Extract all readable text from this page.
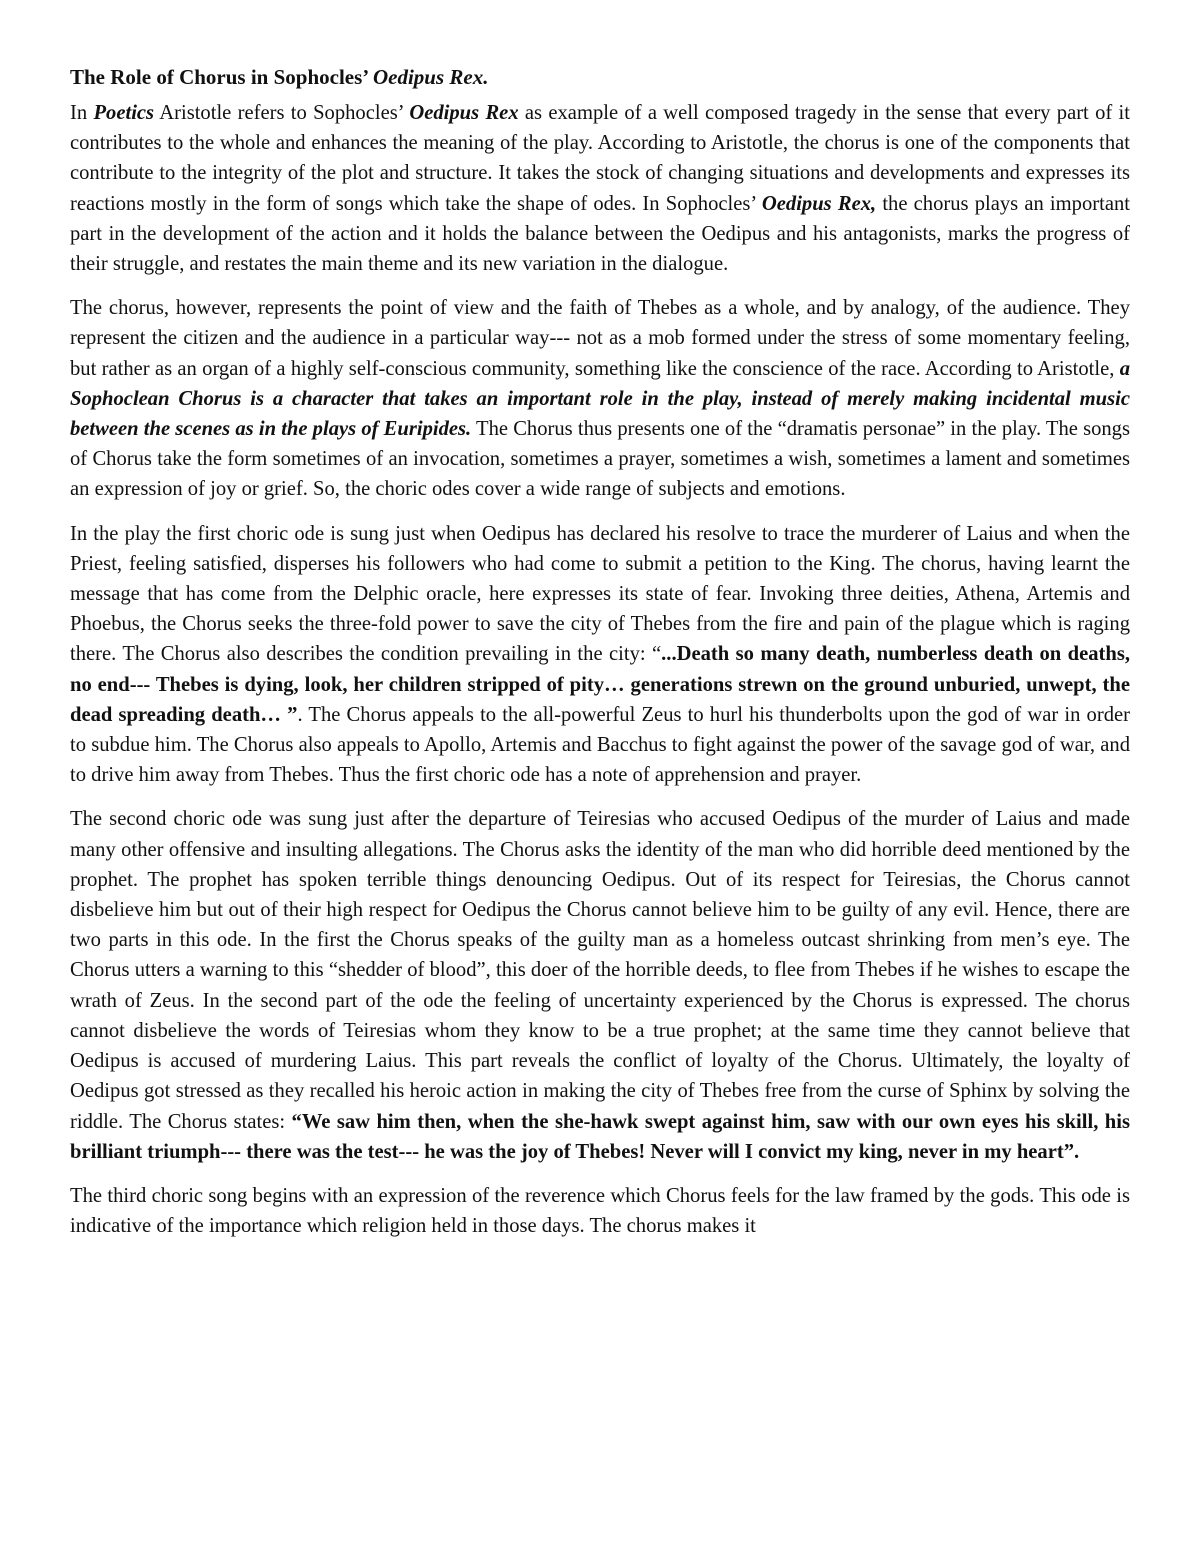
The Role of Chorus in Sophocles’ Oedipus Rex.

In Poetics Aristotle refers to Sophocles’ Oedipus Rex as example of a well composed tragedy in the sense that every part of it contributes to the whole and enhances the meaning of the play. According to Aristotle, the chorus is one of the components that contribute to the integrity of the plot and structure. It takes the stock of changing situations and developments and expresses its reactions mostly in the form of songs which take the shape of odes. In Sophocles’ Oedipus Rex, the chorus plays an important part in the development of the action and it holds the balance between the Oedipus and his antagonists, marks the progress of their struggle, and restates the main theme and its new variation in the dialogue.

The chorus, however, represents the point of view and the faith of Thebes as a whole, and by analogy, of the audience. They represent the citizen and the audience in a particular way--- not as a mob formed under the stress of some momentary feeling, but rather as an organ of a highly self-conscious community, something like the conscience of the race. According to Aristotle, a Sophoclean Chorus is a character that takes an important role in the play, instead of merely making incidental music between the scenes as in the plays of Euripides. The Chorus thus presents one of the “dramatis personae” in the play. The songs of Chorus take the form sometimes of an invocation, sometimes a prayer, sometimes a wish, sometimes a lament and sometimes an expression of joy or grief. So, the choric odes cover a wide range of subjects and emotions.

In the play the first choric ode is sung just when Oedipus has declared his resolve to trace the murderer of Laius and when the Priest, feeling satisfied, disperses his followers who had come to submit a petition to the King. The chorus, having learnt the message that has come from the Delphic oracle, here expresses its state of fear. Invoking three deities, Athena, Artemis and Phoebus, the Chorus seeks the three-fold power to save the city of Thebes from the fire and pain of the plague which is raging there. The Chorus also describes the condition prevailing in the city: “...Death so many death, numberless death on deaths, no end--- Thebes is dying, look, her children stripped of pity… generations strewn on the ground unburied, unwept, the dead spreading death… ”. The Chorus appeals to the all-powerful Zeus to hurl his thunderbolts upon the god of war in order to subdue him. The Chorus also appeals to Apollo, Artemis and Bacchus to fight against the power of the savage god of war, and to drive him away from Thebes. Thus the first choric ode has a note of apprehension and prayer.

The second choric ode was sung just after the departure of Teiresias who accused Oedipus of the murder of Laius and made many other offensive and insulting allegations. The Chorus asks the identity of the man who did horrible deed mentioned by the prophet. The prophet has spoken terrible things denouncing Oedipus. Out of its respect for Teiresias, the Chorus cannot disbelieve him but out of their high respect for Oedipus the Chorus cannot believe him to be guilty of any evil. Hence, there are two parts in this ode. In the first the Chorus speaks of the guilty man as a homeless outcast shrinking from men’s eye. The Chorus utters a warning to this “shedder of blood”, this doer of the horrible deeds, to flee from Thebes if he wishes to escape the wrath of Zeus. In the second part of the ode the feeling of uncertainty experienced by the Chorus is expressed. The chorus cannot disbelieve the words of Teiresias whom they know to be a true prophet; at the same time they cannot believe that Oedipus is accused of murdering Laius. This part reveals the conflict of loyalty of the Chorus. Ultimately, the loyalty of Oedipus got stressed as they recalled his heroic action in making the city of Thebes free from the curse of Sphinx by solving the riddle. The Chorus states: “We saw him then, when the she-hawk swept against him, saw with our own eyes his skill, his brilliant triumph--- there was the test--- he was the joy of Thebes! Never will I convict my king, never in my heart”.

The third choric song begins with an expression of the reverence which Chorus feels for the law framed by the gods. This ode is indicative of the importance which religion held in those days. The chorus makes it
